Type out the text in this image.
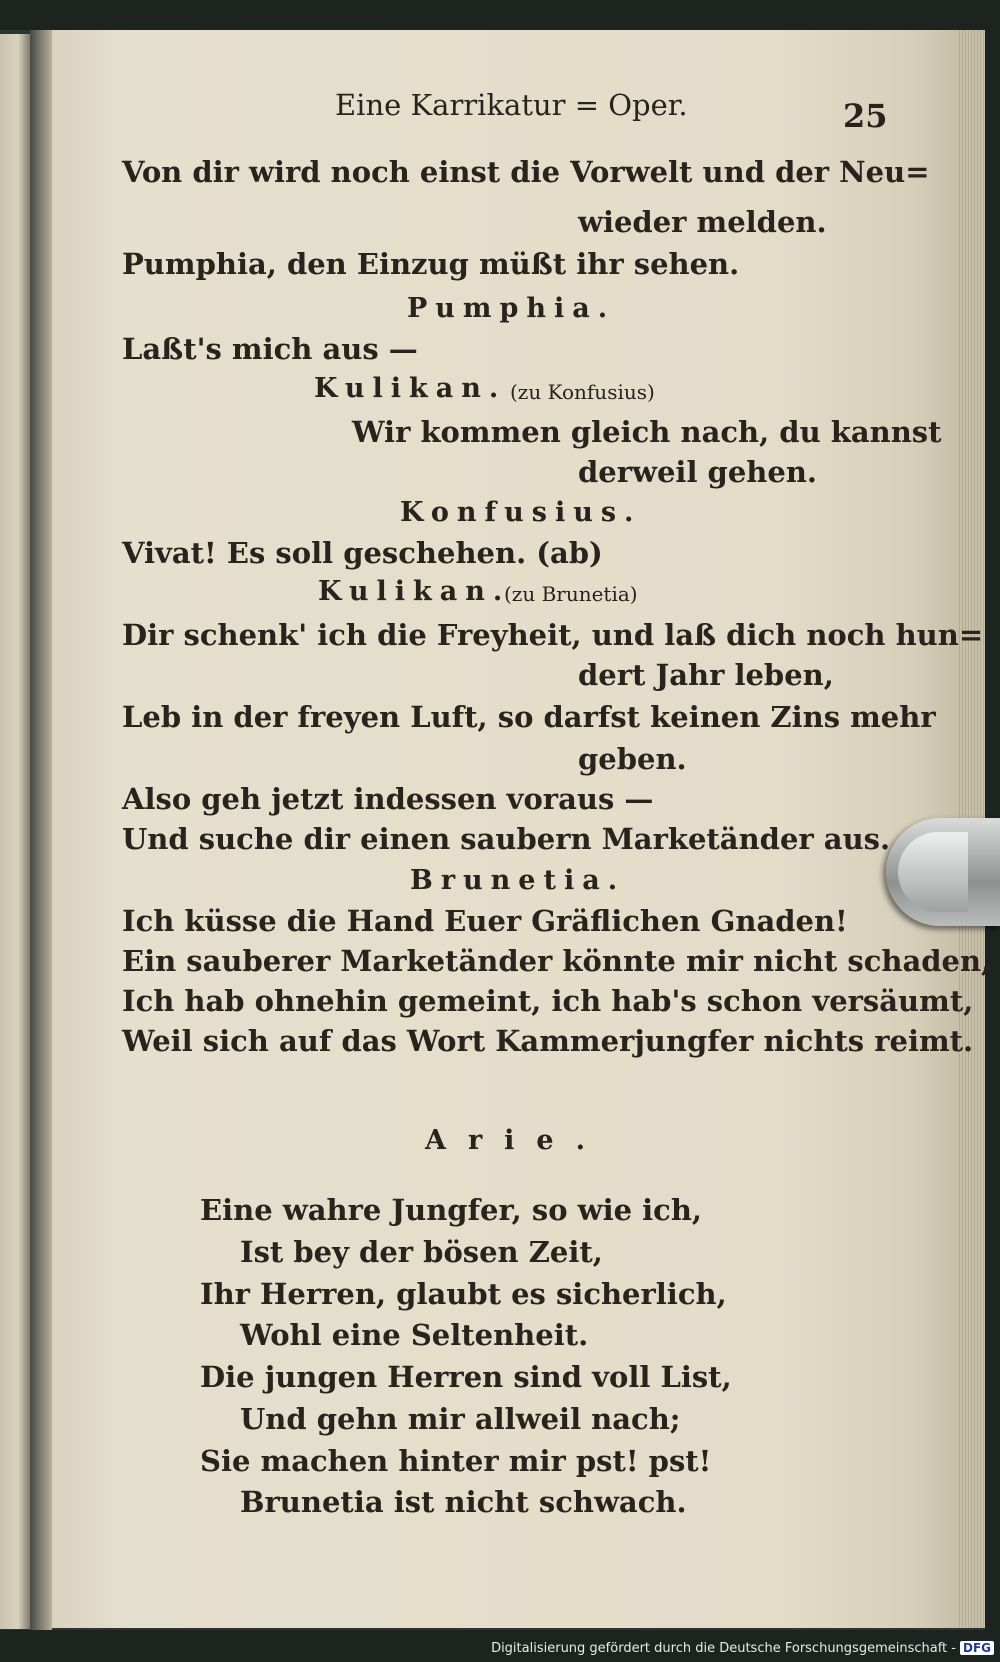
Eine Karrikatur = Oper.	25
Von dir wird noch einst die Vorwelt und der Neu=
wieder melden.
Pumphia, den Einzug müßt ihr sehen.
Pumphia.
Laßt's mich aus —
Kulikan. (zu Konfusius)
Wir kommen gleich nach, du kannst
derweil gehen.
Konfusius.
Vivat! Es soll geschehen. (ab)
Kulikan.
(zu Brunetia)
Dir schenk' ich die Freyheit, und laß dich noch hun=
dert Jahr leben,
Leb in der freyen Luft, so darfst keinen Zins mehr
geben.
Also geh jetzt indessen voraus —
Und suche dir einen saubern Marketänder aus.
Brunetia.
Ich küsse die Hand Euer Gräflichen Gnaden!
Ein sauberer Marketänder könnte mir nicht schaden,
Ich hab ohnehin gemeint, ich hab's schon versäumt,
Weil sich auf das Wort Kammerjungfer nichts reimt.
Arie.
Eine wahre Jungfer, so wie ich,
Ist bey der bösen Zeit,
Ihr Herren, glaubt es sicherlich,
Wohl eine Seltenheit.
Die jungen Herren sind voll List,
Und gehn mir allweil nach;
Sie machen hinter mir pst! pst!
Brunetia ist nicht schwach.
Digitalisierung gefördert durch die Deutsche Forschungsgemeinschaft - DFG
